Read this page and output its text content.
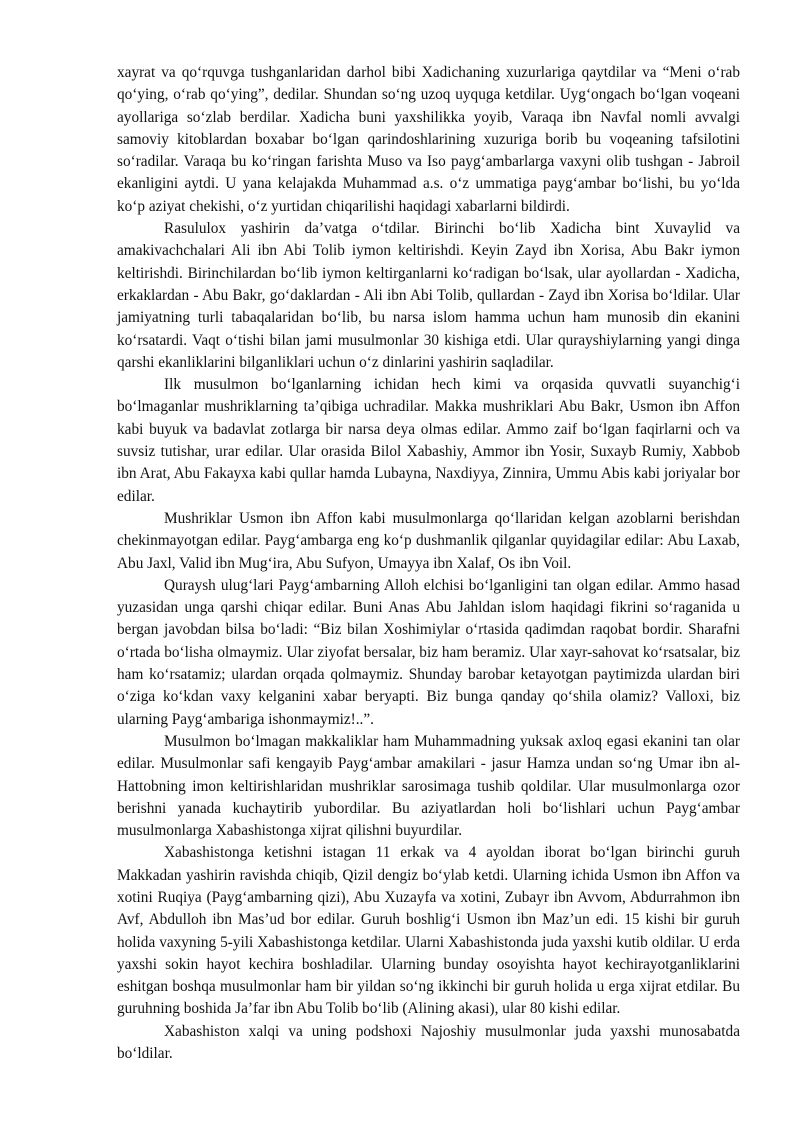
xayrat va qo‘rquvga tushganlaridan darhol bibi Xadichaning xuzurlariga qaytdilar va “Meni o‘rab qo‘ying, o‘rab qo‘ying”, dedilar. Shundan so‘ng uzoq uyquga ketdilar. Uyg‘ongach bo‘lgan voqeani ayollariga so‘zlab berdilar. Xadicha buni yaxshilikka yoyib, Varaqa ibn Navfal nomli avvalgi samoviy kitoblardan boxabar bo‘lgan qarindoshlarining xuzuriga borib bu voqeaning tafsilotini so‘radilar. Varaqa bu ko‘ringan farishta Muso va Iso payg‘ambarlarga vaxyni olib tushgan - Jabroil ekanligini aytdi. U yana kelajakda Muhammad a.s. o‘z ummatiga payg‘ambar bo‘lishi, bu yo‘lda ko‘p aziyat chekishi, o‘z yurtidan chiqarilishi haqidagi xabarlarni bildirdi.

Rasululox yashirin da’vatga o‘tdilar. Birinchi bo‘lib Xadicha bint Xuvaylid va amakivachchalari Ali ibn Abi Tolib iymon keltirishdi. Keyin Zayd ibn Xorisa, Abu Bakr iymon keltirishdi. Birinchilardan bo‘lib iymon keltirganlarni ko‘radigan bo‘lsak, ular ayollardan - Xadicha, erkaklardan - Abu Bakr, go‘daklardan - Ali ibn Abi Tolib, qullardan - Zayd ibn Xorisa bo‘ldilar. Ular jamiyatning turli tabaqalaridan bo‘lib, bu narsa islom hamma uchun ham munosib din ekanini ko‘rsatardi. Vaqt o‘tishi bilan jami musulmonlar 30 kishiga etdi. Ular qurayshiylarning yangi dinga qarshi ekanliklarini bilganliklari uchun o‘z dinlarini yashirin saqladilar.

Ilk musulmon bo‘lganlarning ichidan hech kimi va orqasida quvvatli suyanchig‘i bo‘lmaganlar mushriklarning ta’qibiga uchradilar. Makka mushriklari Abu Bakr, Usmon ibn Affon kabi buyuk va badavlat zotlarga bir narsa deya olmas edilar. Ammo zaif bo‘lgan faqirlarni och va suvsiz tutishar, urar edilar. Ular orasida Bilol Xabashiy, Ammor ibn Yosir, Suxayb Rumiy, Xabbob ibn Arat, Abu Fakayxa kabi qullar hamda Lubayna, Naxdiyya, Zinnira, Ummu Abis kabi joriyalar bor edilar.

Mushriklar Usmon ibn Affon kabi musulmonlarga qo‘llaridan kelgan azoblarni berishdan chekinmayotgan edilar. Payg‘ambarga eng ko‘p dushmanlik qilganlar quyidagilar edilar: Abu Laxab, Abu Jaxl, Valid ibn Mug‘ira, Abu Sufyon, Umayya ibn Xalaf, Os ibn Voil.

Quraysh ulug‘lari Payg‘ambarning Alloh elchisi bo‘lganligini tan olgan edilar. Ammo hasad yuzasidan unga qarshi chiqar edilar. Buni Anas Abu Jahldan islom haqidagi fikrini so‘raganida u bergan javobdan bilsa bo‘ladi: “Biz bilan Xoshimiylar o‘rtasida qadimdan raqobat bordir. Sharafni o‘rtada bo‘lisha olmaymiz. Ular ziyofat bersalar, biz ham beramiz. Ular xayr-sahovat ko‘rsatsalar, biz ham ko‘rsatamiz; ulardan orqada qolmaymiz. Shunday barobar ketayotgan paytimizda ulardan biri o‘ziga ko‘kdan vaxy kelganini xabar beryapti. Biz bunga qanday qo‘shila olamiz? Valloxi, biz ularning Payg‘ambariga ishonmaymiz!..”.

Musulmon bo‘lmagan makkaliklar ham Muhammadning yuksak axloq egasi ekanini tan olar edilar. Musulmonlar safi kengayib Payg‘ambar amakilari - jasur Hamza undan so‘ng Umar ibn al-Hattobning imon keltirishlaridan mushriklar sarosimaga tushib qoldilar. Ular musulmonlarga ozor berishni yanada kuchaytirib yubordilar. Bu aziyatlardan holi bo‘lishlari uchun Payg‘ambar musulmonlarga Xabashistonga xijrat qilishni buyurdilar.

Xabashistonga ketishni istagan 11 erkak va 4 ayoldan iborat bo‘lgan birinchi guruh Makkadan yashirin ravishda chiqib, Qizil dengiz bo‘ylab ketdi. Ularning ichida Usmon ibn Affon va xotini Ruqiya (Payg‘ambarning qizi), Abu Xuzayfa va xotini, Zubayr ibn Avvom, Abdurrahmon ibn Avf, Abdulloh ibn Mas’ud bor edilar. Guruh boshlig‘i Usmon ibn Maz’un edi. 15 kishi bir guruh holida vaxyning 5-yili Xabashistonga ketdilar. Ularni Xabashistonda juda yaxshi kutib oldilar. U erda yaxshi sokin hayot kechira boshladilar. Ularning bunday osoyishta hayot kechirayotganliklarini eshitgan boshqa musulmonlar ham bir yildan so‘ng ikkinchi bir guruh holida u erga xijrat etdilar. Bu guruhning boshida Ja’far ibn Abu Tolib bo‘lib (Alining akasi), ular 80 kishi edilar.

Xabashiston xalqi va uning podshoxi Najoshiy musulmonlar juda yaxshi munosabatda bo‘ldilar.
